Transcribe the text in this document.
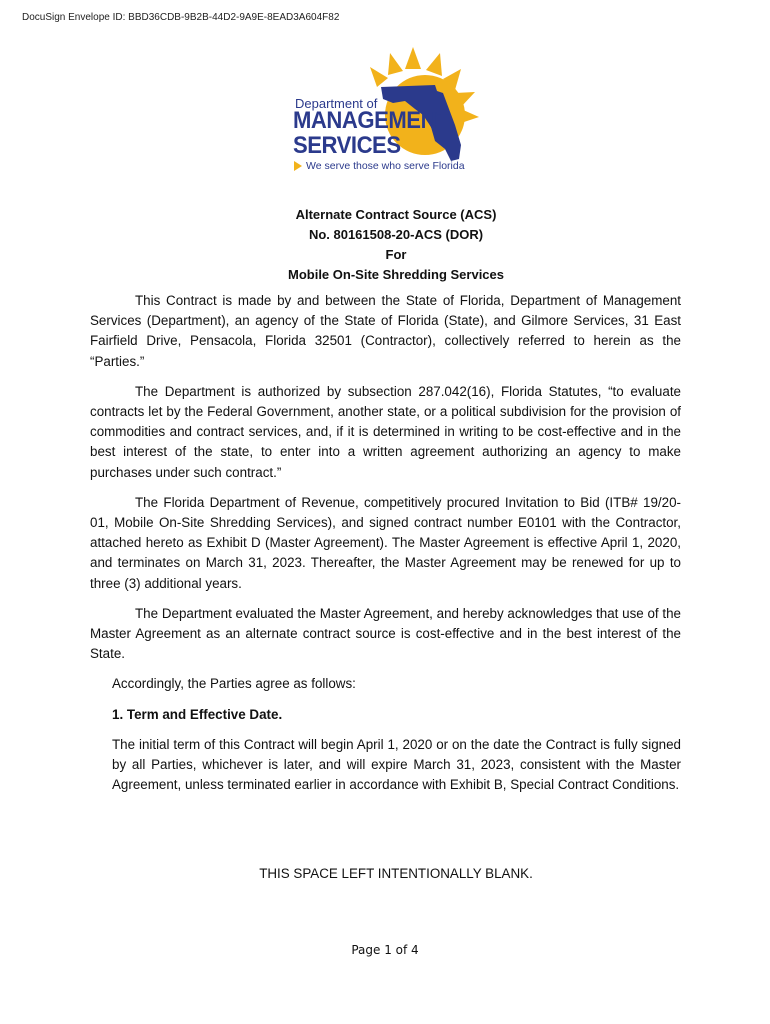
DocuSign Envelope ID: BBD36CDB-9B2B-44D2-9A9E-8EAD3A604F82
Department of
MANAGEMENT
SERVICES
We serve those who serve Florida
Alternate Contract Source (ACS)
No. 80161508-20-ACS (DOR)
For
Mobile On-Site Shredding Services

This Contract is made by and between the State of Florida, Department of Management Services (Department), an agency of the State of Florida (State), and Gilmore Services, 31 East Fairfield Drive, Pensacola, Florida 32501 (Contractor), collectively referred to herein as the “Parties.”

The Department is authorized by subsection 287.042(16), Florida Statutes, “to evaluate contracts let by the Federal Government, another state, or a political subdivision for the provision of commodities and contract services, and, if it is determined in writing to be cost-effective and in the best interest of the state, to enter into a written agreement authorizing an agency to make purchases under such contract.”

The Florida Department of Revenue, competitively procured Invitation to Bid (ITB# 19/20-01, Mobile On-Site Shredding Services), and signed contract number E0101 with the Contractor, attached hereto as Exhibit D (Master Agreement). The Master Agreement is effective April 1, 2020, and terminates on March 31, 2023. Thereafter, the Master Agreement may be renewed for up to three (3) additional years.

The Department evaluated the Master Agreement, and hereby acknowledges that use of the Master Agreement as an alternate contract source is cost-effective and in the best interest of the State.

Accordingly, the Parties agree as follows:

1. Term and Effective Date.

The initial term of this Contract will begin April 1, 2020 or on the date the Contract is fully signed by all Parties, whichever is later, and will expire March 31, 2023, consistent with the Master Agreement, unless terminated earlier in accordance with Exhibit B, Special Contract Conditions.

THIS SPACE LEFT INTENTIONALLY BLANK.
Page 1 of 4
